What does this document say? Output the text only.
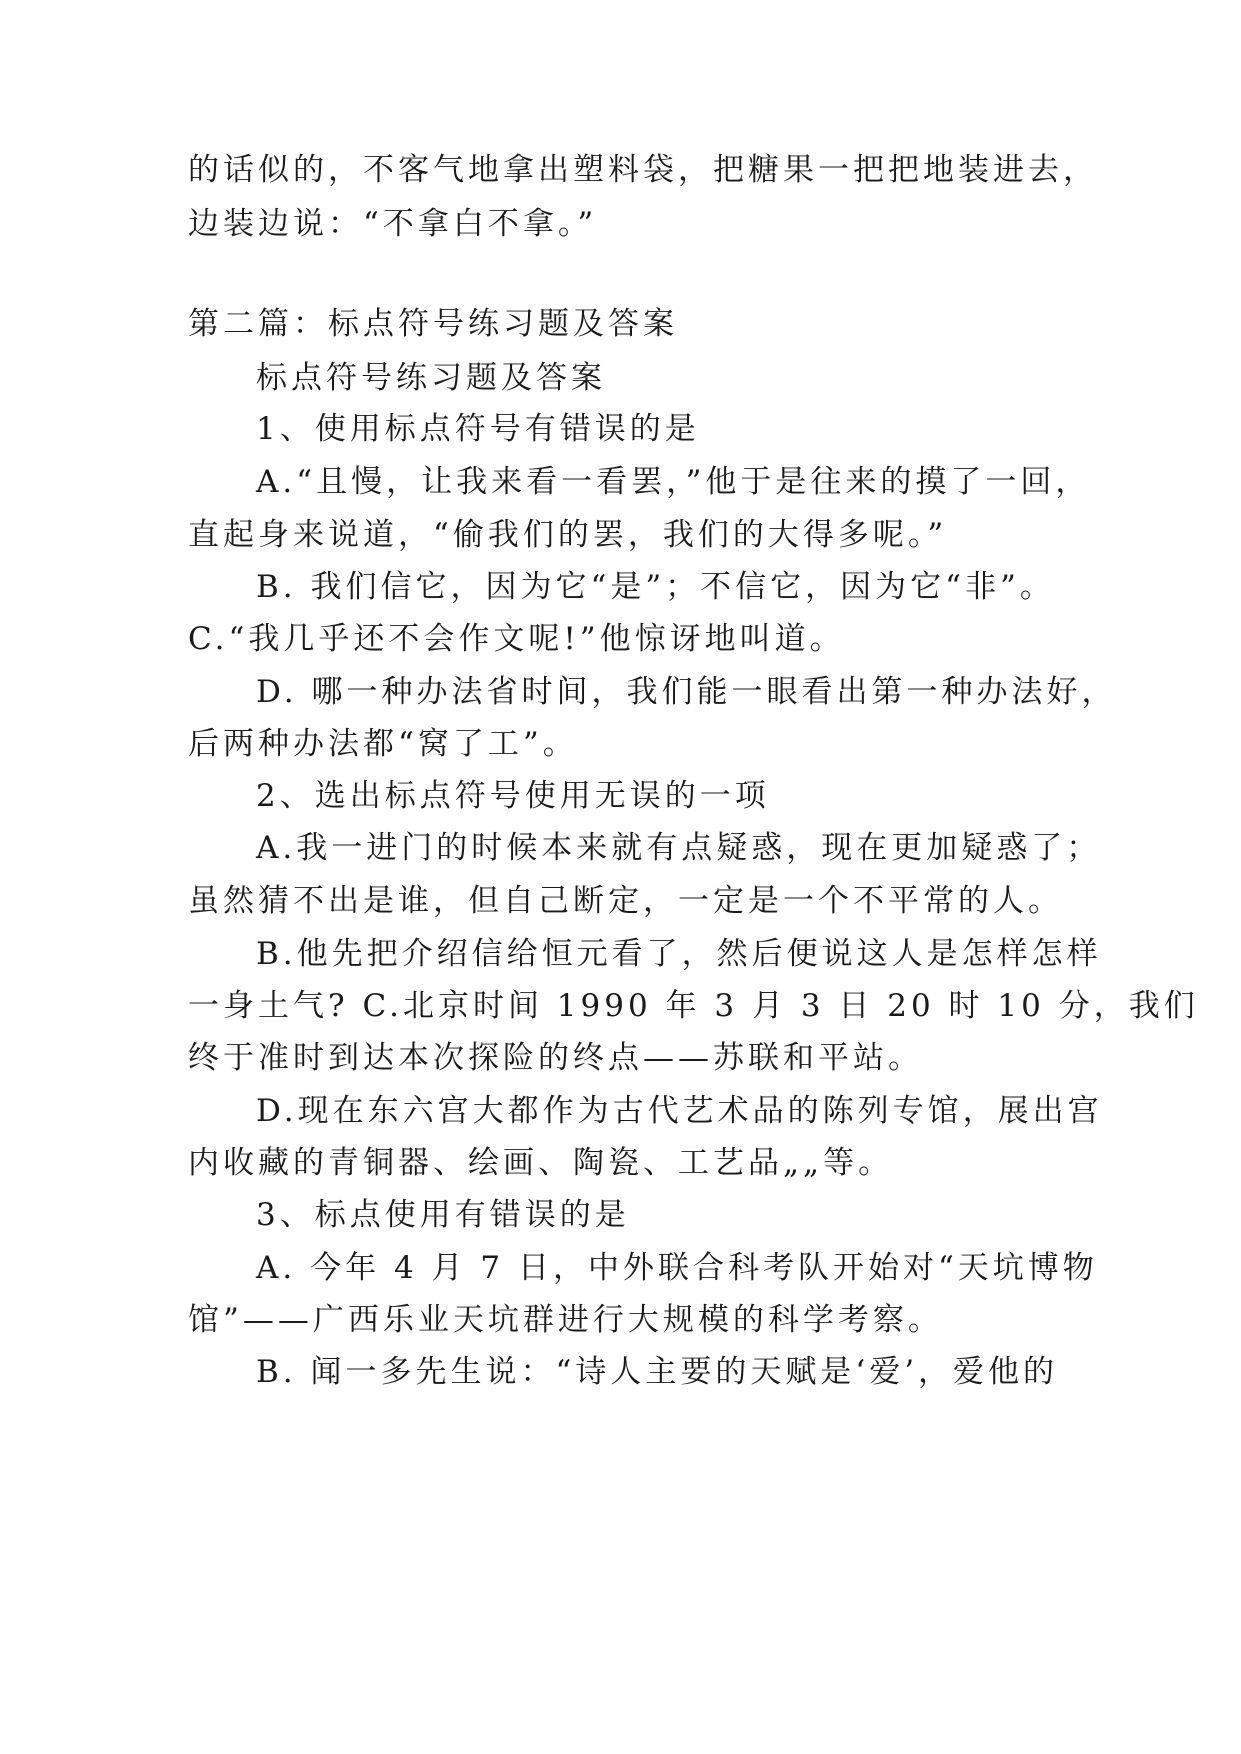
的话似的，不客气地拿出塑料袋，把糖果一把把地装进去，
边装边说：“不拿白不拿。”
第二篇：标点符号练习题及答案
标点符号练习题及答案
1、使用标点符号有错误的是
A.“且慢，让我来看一看罢，”他于是往来的摸了一回，
直起身来说道，“偷我们的罢，我们的大得多呢。”
B. 我们信它，因为它“是”；不信它，因为它“非”。
C.“我几乎还不会作文呢!”他惊讶地叫道。
D. 哪一种办法省时间，我们能一眼看出第一种办法好，
后两种办法都“窝了工”。
2、选出标点符号使用无误的一项
A.我一进门的时候本来就有点疑惑，现在更加疑惑了；
虽然猜不出是谁，但自己断定，一定是一个不平常的人。
B.他先把介绍信给恒元看了，然后便说这人是怎样怎样
一身土气? C.北京时间 1990 年 3 月 3 日 20 时 10 分，我们
终于准时到达本次探险的终点——苏联和平站。
D.现在东六宫大都作为古代艺术品的陈列专馆，展出宫
内收藏的青铜器、绘画、陶瓷、工艺品„„等。
3、标点使用有错误的是
A. 今年 4 月 7 日，中外联合科考队开始对“天坑博物
馆”——广西乐业天坑群进行大规模的科学考察。
B. 闻一多先生说：“诗人主要的天赋是‘爱’，爱他的
